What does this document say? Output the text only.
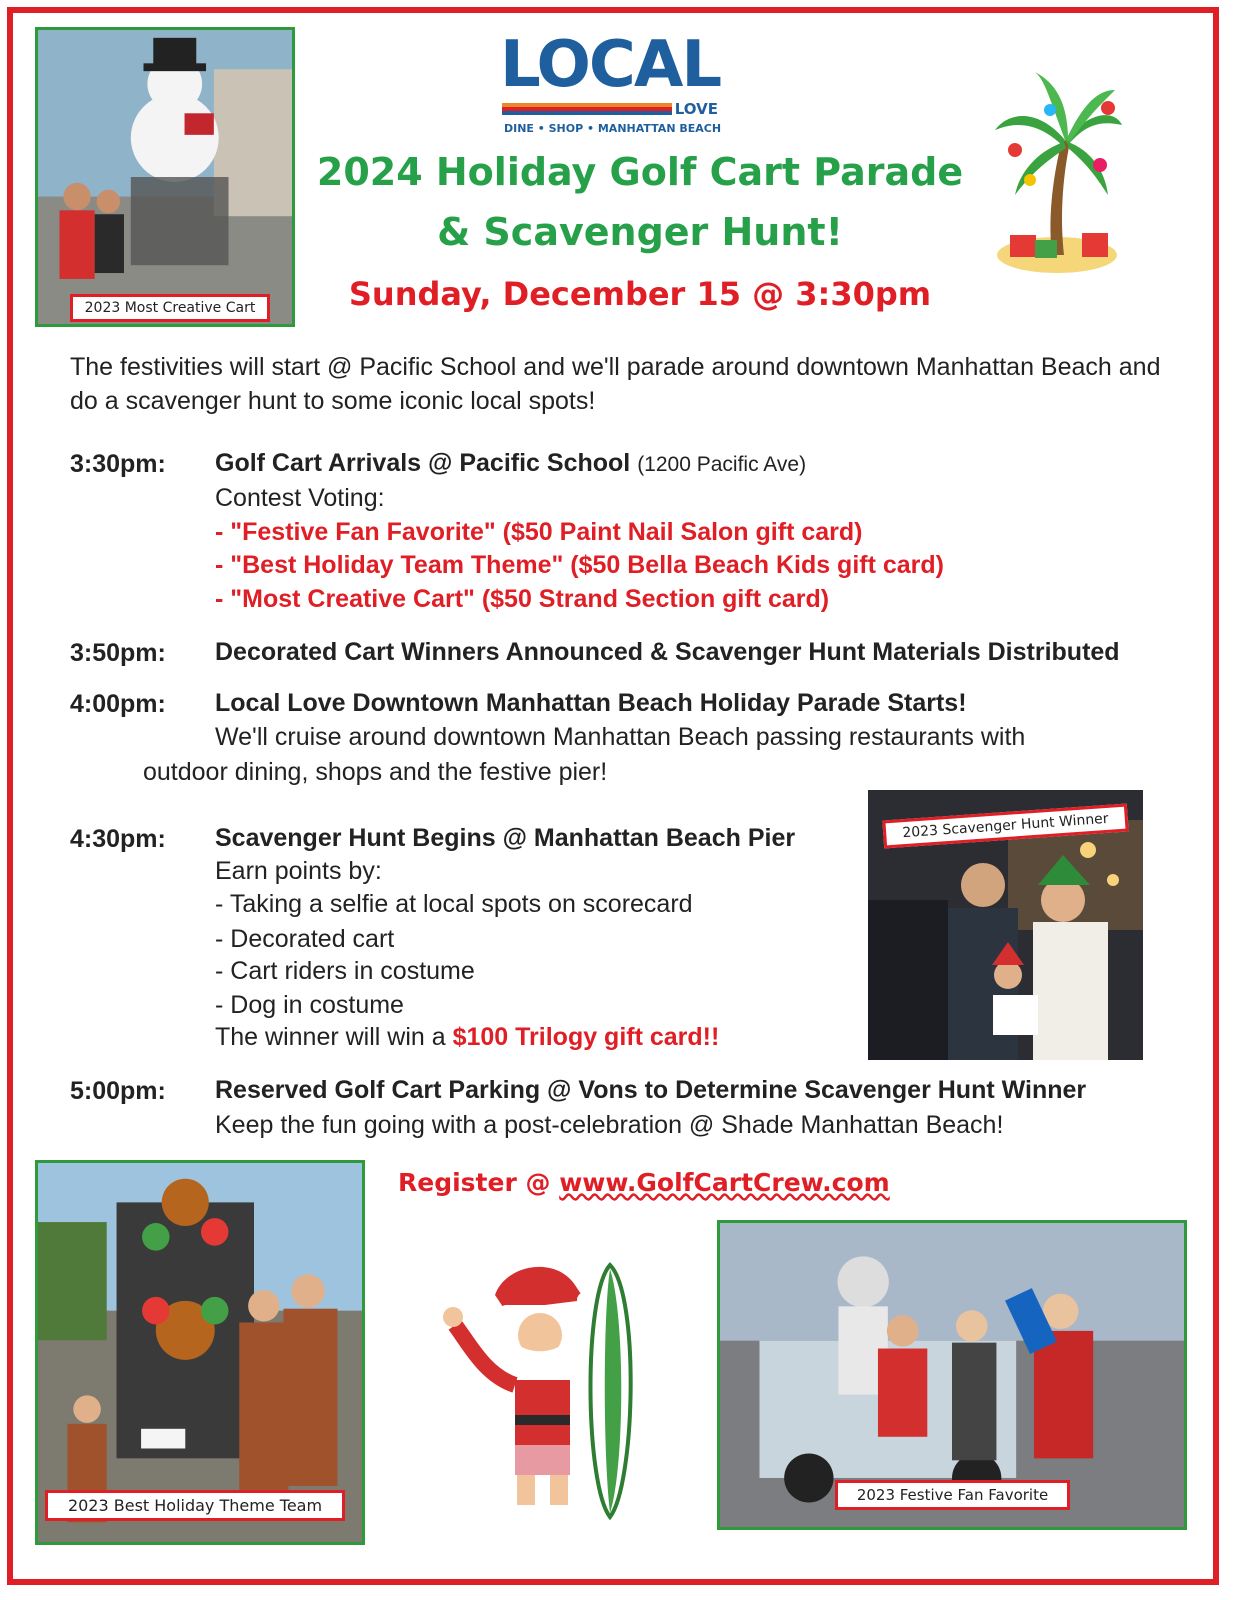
2023 Most Creative Cart
LOCAL
LOVE
DINE • SHOP • MANHATTAN BEACH
2024 Holiday Golf Cart Parade
& Scavenger Hunt!
Sunday, December 15 @ 3:30pm
The festivities will start @ Pacific School and we'll parade around downtown Manhattan Beach and do a scavenger hunt to some iconic local spots!
3:30pm: Golf Cart Arrivals @ Pacific School (1200 Pacific Ave)
Contest Voting:
- "Festive Fan Favorite" ($50 Paint Nail Salon gift card)
- "Best Holiday Team Theme" ($50 Bella Beach Kids gift card)
- "Most Creative Cart" ($50 Strand Section gift card)
3:50pm: Decorated Cart Winners Announced & Scavenger Hunt Materials Distributed
4:00pm: Local Love Downtown Manhattan Beach Holiday Parade Starts!
We'll cruise around downtown Manhattan Beach passing restaurants with
outdoor dining, shops and the festive pier!
4:30pm: Scavenger Hunt Begins @ Manhattan Beach Pier
Earn points by:
- Taking a selfie at local spots on scorecard
- Decorated cart
- Cart riders in costume
- Dog in costume
The winner will win a $100 Trilogy gift card!!
2023 Scavenger Hunt Winner
5:00pm: Reserved Golf Cart Parking @ Vons to Determine Scavenger Hunt Winner
Keep the fun going with a post-celebration @ Shade Manhattan Beach!
Register @ www.GolfCartCrew.com
2023 Best Holiday Theme Team
2023 Festive Fan Favorite
